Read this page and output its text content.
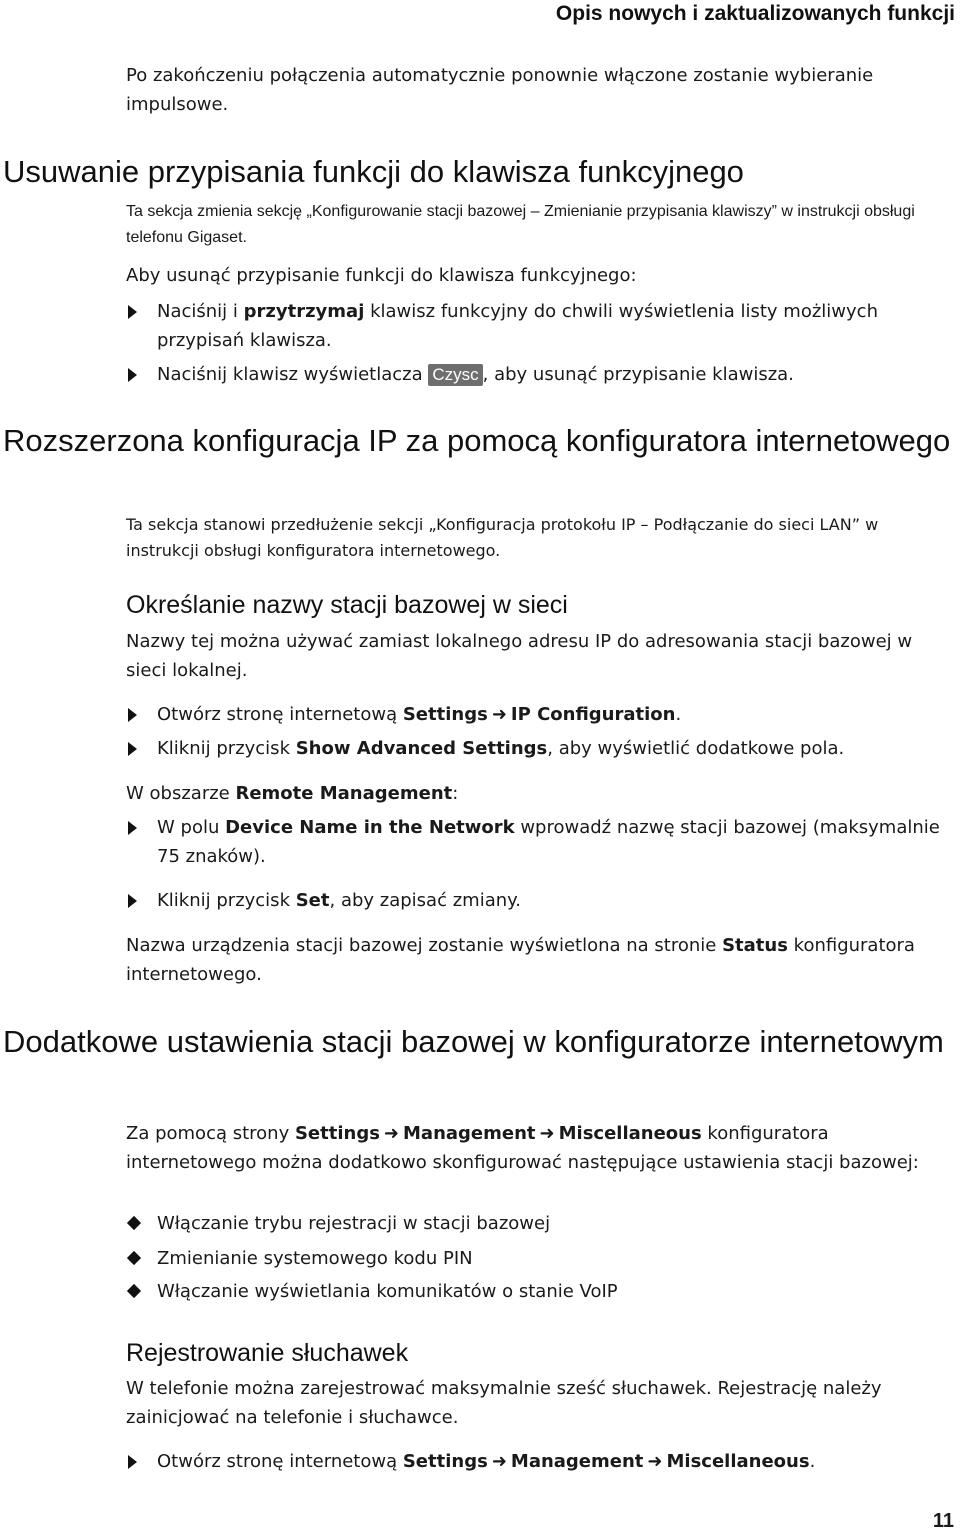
Opis nowych i zaktualizowanych funkcji
Po zakończeniu połączenia automatycznie ponownie włączone zostanie wybieranie impulsowe.
Usuwanie przypisania funkcji do klawisza funkcyjnego
Ta sekcja zmienia sekcję „Konfigurowanie stacji bazowej – Zmienianie przypisania klawiszy” w instrukcji obsługi telefonu Gigaset.
Aby usunąć przypisanie funkcji do klawisza funkcyjnego:
Naciśnij i przytrzymaj klawisz funkcyjny do chwili wyświetlenia listy możliwych przypisań klawisza.
Naciśnij klawisz wyświetlacza Czysc , aby usunąć przypisanie klawisza.
Rozszerzona konfiguracja IP za pomocą konfiguratora internetowego
Ta sekcja stanowi przedłużenie sekcji „Konfiguracja protokołu IP – Podłączanie do sieci LAN” w instrukcji obsługi konfiguratora internetowego.
Określanie nazwy stacji bazowej w sieci
Nazwy tej można używać zamiast lokalnego adresu IP do adresowania stacji bazowej w sieci lokalnej.
Otwórz stronę internetową Settings ➜ IP Configuration.
Kliknij przycisk Show Advanced Settings, aby wyświetlić dodatkowe pola.
W obszarze Remote Management:
W polu Device Name in the Network wprowadź nazwę stacji bazowej (maksymalnie 75 znaków).
Kliknij przycisk Set, aby zapisać zmiany.
Nazwa urządzenia stacji bazowej zostanie wyświetlona na stronie Status konfiguratora internetowego.
Dodatkowe ustawienia stacji bazowej w konfiguratorze internetowym
Za pomocą strony Settings ➜ Management ➜ Miscellaneous konfiguratora internetowego można dodatkowo skonfigurować następujące ustawienia stacji bazowej:
Włączanie trybu rejestracji w stacji bazowej
Zmienianie systemowego kodu PIN
Włączanie wyświetlania komunikatów o stanie VoIP
Rejestrowanie słuchawek
W telefonie można zarejestrować maksymalnie sześć słuchawek. Rejestrację należy zainicjować na telefonie i słuchawce.
Otwórz stronę internetową Settings ➜ Management ➜ Miscellaneous.
11
